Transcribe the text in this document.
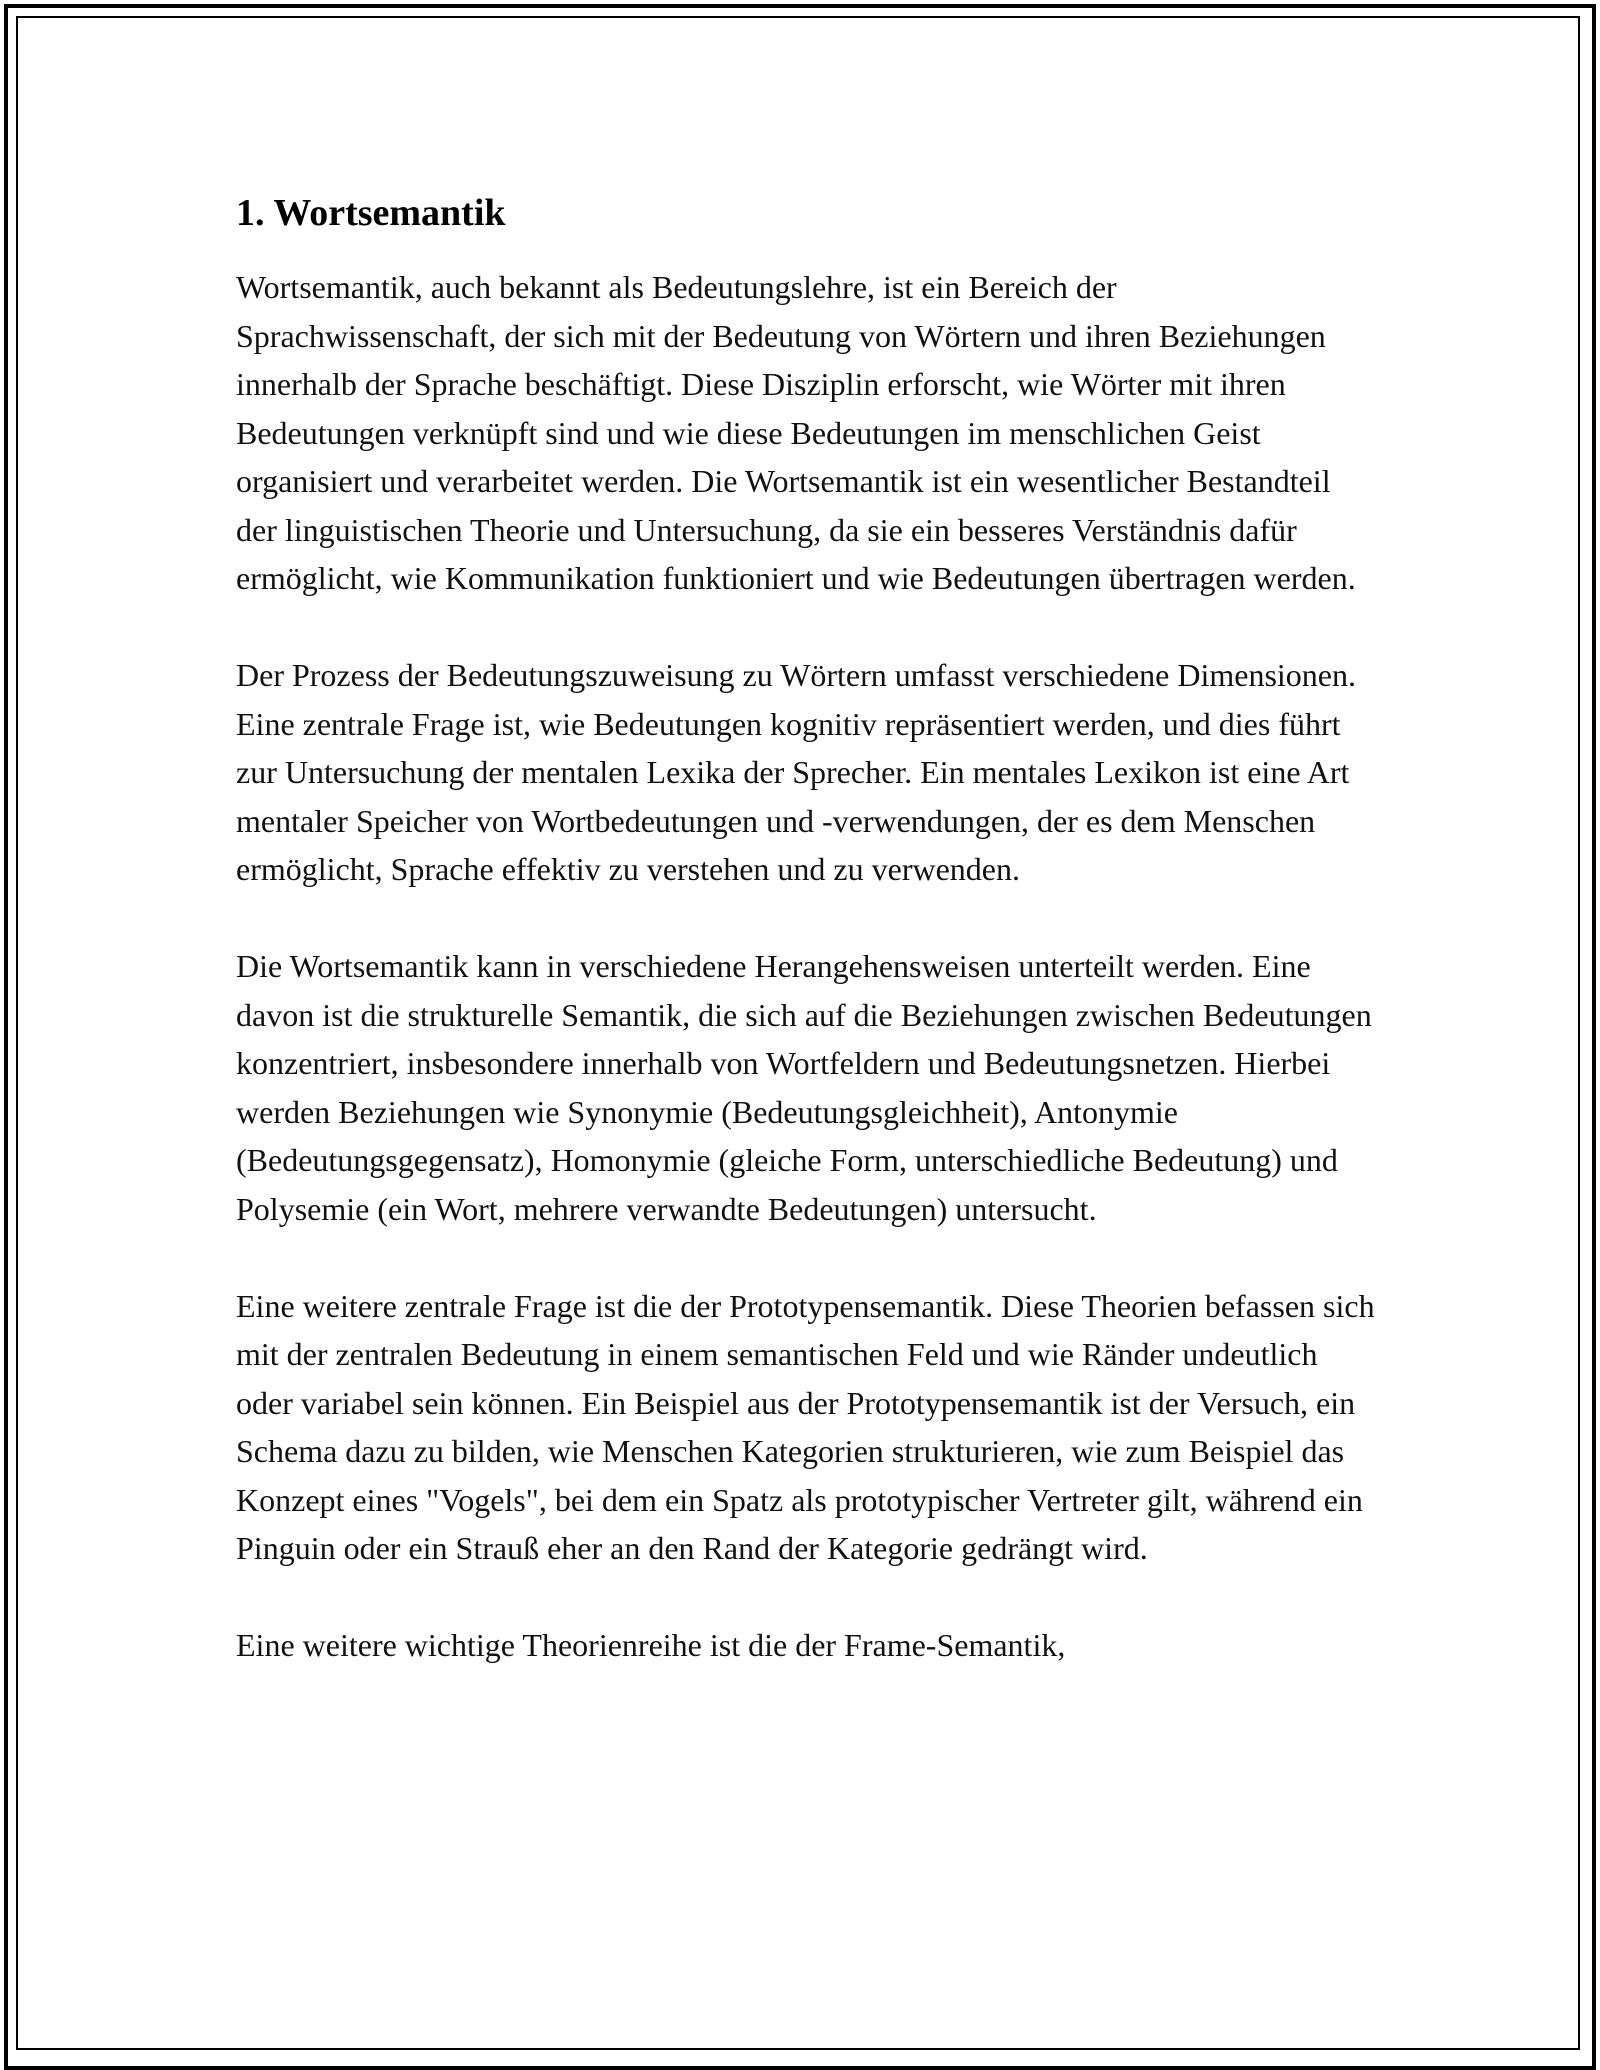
1. Wortsemantik

Wortsemantik, auch bekannt als Bedeutungslehre, ist ein Bereich der Sprachwissenschaft, der sich mit der Bedeutung von Wörtern und ihren Beziehungen innerhalb der Sprache beschäftigt. Diese Disziplin erforscht, wie Wörter mit ihren Bedeutungen verknüpft sind und wie diese Bedeutungen im menschlichen Geist organisiert und verarbeitet werden. Die Wortsemantik ist ein wesentlicher Bestandteil der linguistischen Theorie und Untersuchung, da sie ein besseres Verständnis dafür ermöglicht, wie Kommunikation funktioniert und wie Bedeutungen übertragen werden.

Der Prozess der Bedeutungszuweisung zu Wörtern umfasst verschiedene Dimensionen. Eine zentrale Frage ist, wie Bedeutungen kognitiv repräsentiert werden, und dies führt zur Untersuchung der mentalen Lexika der Sprecher. Ein mentales Lexikon ist eine Art mentaler Speicher von Wortbedeutungen und -verwendungen, der es dem Menschen ermöglicht, Sprache effektiv zu verstehen und zu verwenden.

Die Wortsemantik kann in verschiedene Herangehensweisen unterteilt werden. Eine davon ist die strukturelle Semantik, die sich auf die Beziehungen zwischen Bedeutungen konzentriert, insbesondere innerhalb von Wortfeldern und Bedeutungsnetzen. Hierbei werden Beziehungen wie Synonymie (Bedeutungsgleichheit), Antonymie (Bedeutungsgegensatz), Homonymie (gleiche Form, unterschiedliche Bedeutung) und Polysemie (ein Wort, mehrere verwandte Bedeutungen) untersucht.

Eine weitere zentrale Frage ist die der Prototypensemantik. Diese Theorien befassen sich mit der zentralen Bedeutung in einem semantischen Feld und wie Ränder undeutlich oder variabel sein können. Ein Beispiel aus der Prototypensemantik ist der Versuch, ein Schema dazu zu bilden, wie Menschen Kategorien strukturieren, wie zum Beispiel das Konzept eines "Vogels", bei dem ein Spatz als prototypischer Vertreter gilt, während ein Pinguin oder ein Strauß eher an den Rand der Kategorie gedrängt wird.

Eine weitere wichtige Theorienreihe ist die der Frame-Semantik,
